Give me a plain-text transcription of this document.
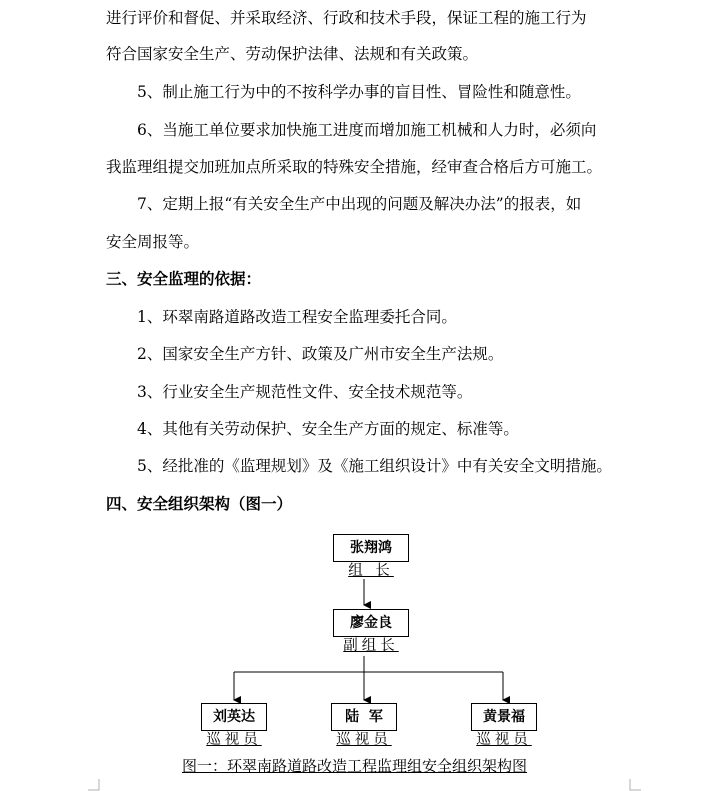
进行评价和督促、并采取经济、行政和技术手段，保证工程的施工行为
符合国家安全生产、劳动保护法律、法规和有关政策。
5、制止施工行为中的不按科学办事的盲目性、冒险性和随意性。
6、当施工单位要求加快施工进度而增加施工机械和人力时，必须向
我监理组提交加班加点所采取的特殊安全措施，经审查合格后方可施工。
7、定期上报“有关安全生产中出现的问题及解决办法”的报表，如
安全周报等。
三、安全监理的依据：
1、环翠南路道路改造工程安全监理委托合同。
2、国家安全生产方针、政策及广州市安全生产法规。
3、行业安全生产规范性文件、安全技术规范等。
4、其他有关劳动保护、安全生产方面的规定、标准等。
5、经批准的《监理规划》及《施工组织设计》中有关安全文明措施。
四、安全组织架构（图一）
张翔鸿
组 长
廖金良
副组长
刘英达
巡视员
陆  军
巡视员
黄景福
巡视员
图一：环翠南路道路改造工程监理组安全组织架构图
